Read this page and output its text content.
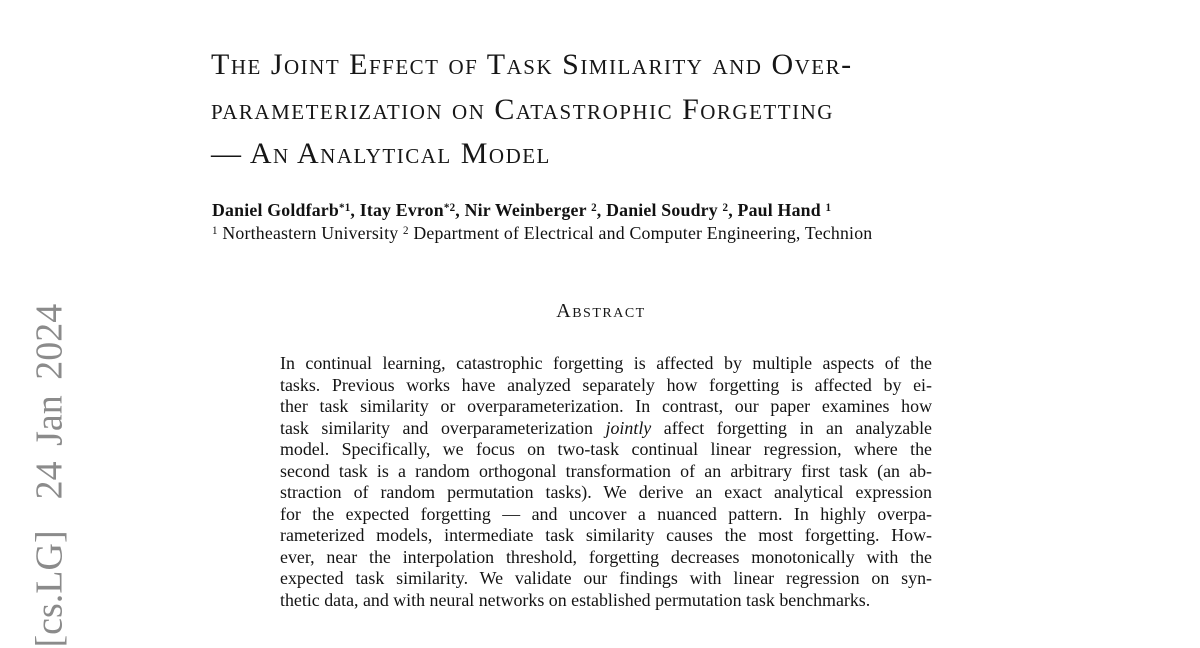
[cs.LG]  24 Jan 2024
The Joint Effect of Task Similarity and Over-
parameterization on Catastrophic Forgetting
— An Analytical Model
Daniel Goldfarb$^{*1}$, Itay Evron$^{*2}$, Nir Weinberger $^2$, Daniel Soudry $^2$, Paul Hand $^1$
$^1$ Northeastern University $^2$ Department of Electrical and Computer Engineering, Technion
Abstract
In continual learning, catastrophic forgetting is affected by multiple aspects of the
tasks. Previous works have analyzed separately how forgetting is affected by ei-
ther task similarity or overparameterization. In contrast, our paper examines how
task similarity and overparameterization jointly affect forgetting in an analyzable
model. Specifically, we focus on two-task continual linear regression, where the
second task is a random orthogonal transformation of an arbitrary first task (an ab-
straction of random permutation tasks). We derive an exact analytical expression
for the expected forgetting — and uncover a nuanced pattern. In highly overpa-
rameterized models, intermediate task similarity causes the most forgetting. How-
ever, near the interpolation threshold, forgetting decreases monotonically with the
expected task similarity. We validate our findings with linear regression on syn-
thetic data, and with neural networks on established permutation task benchmarks.
